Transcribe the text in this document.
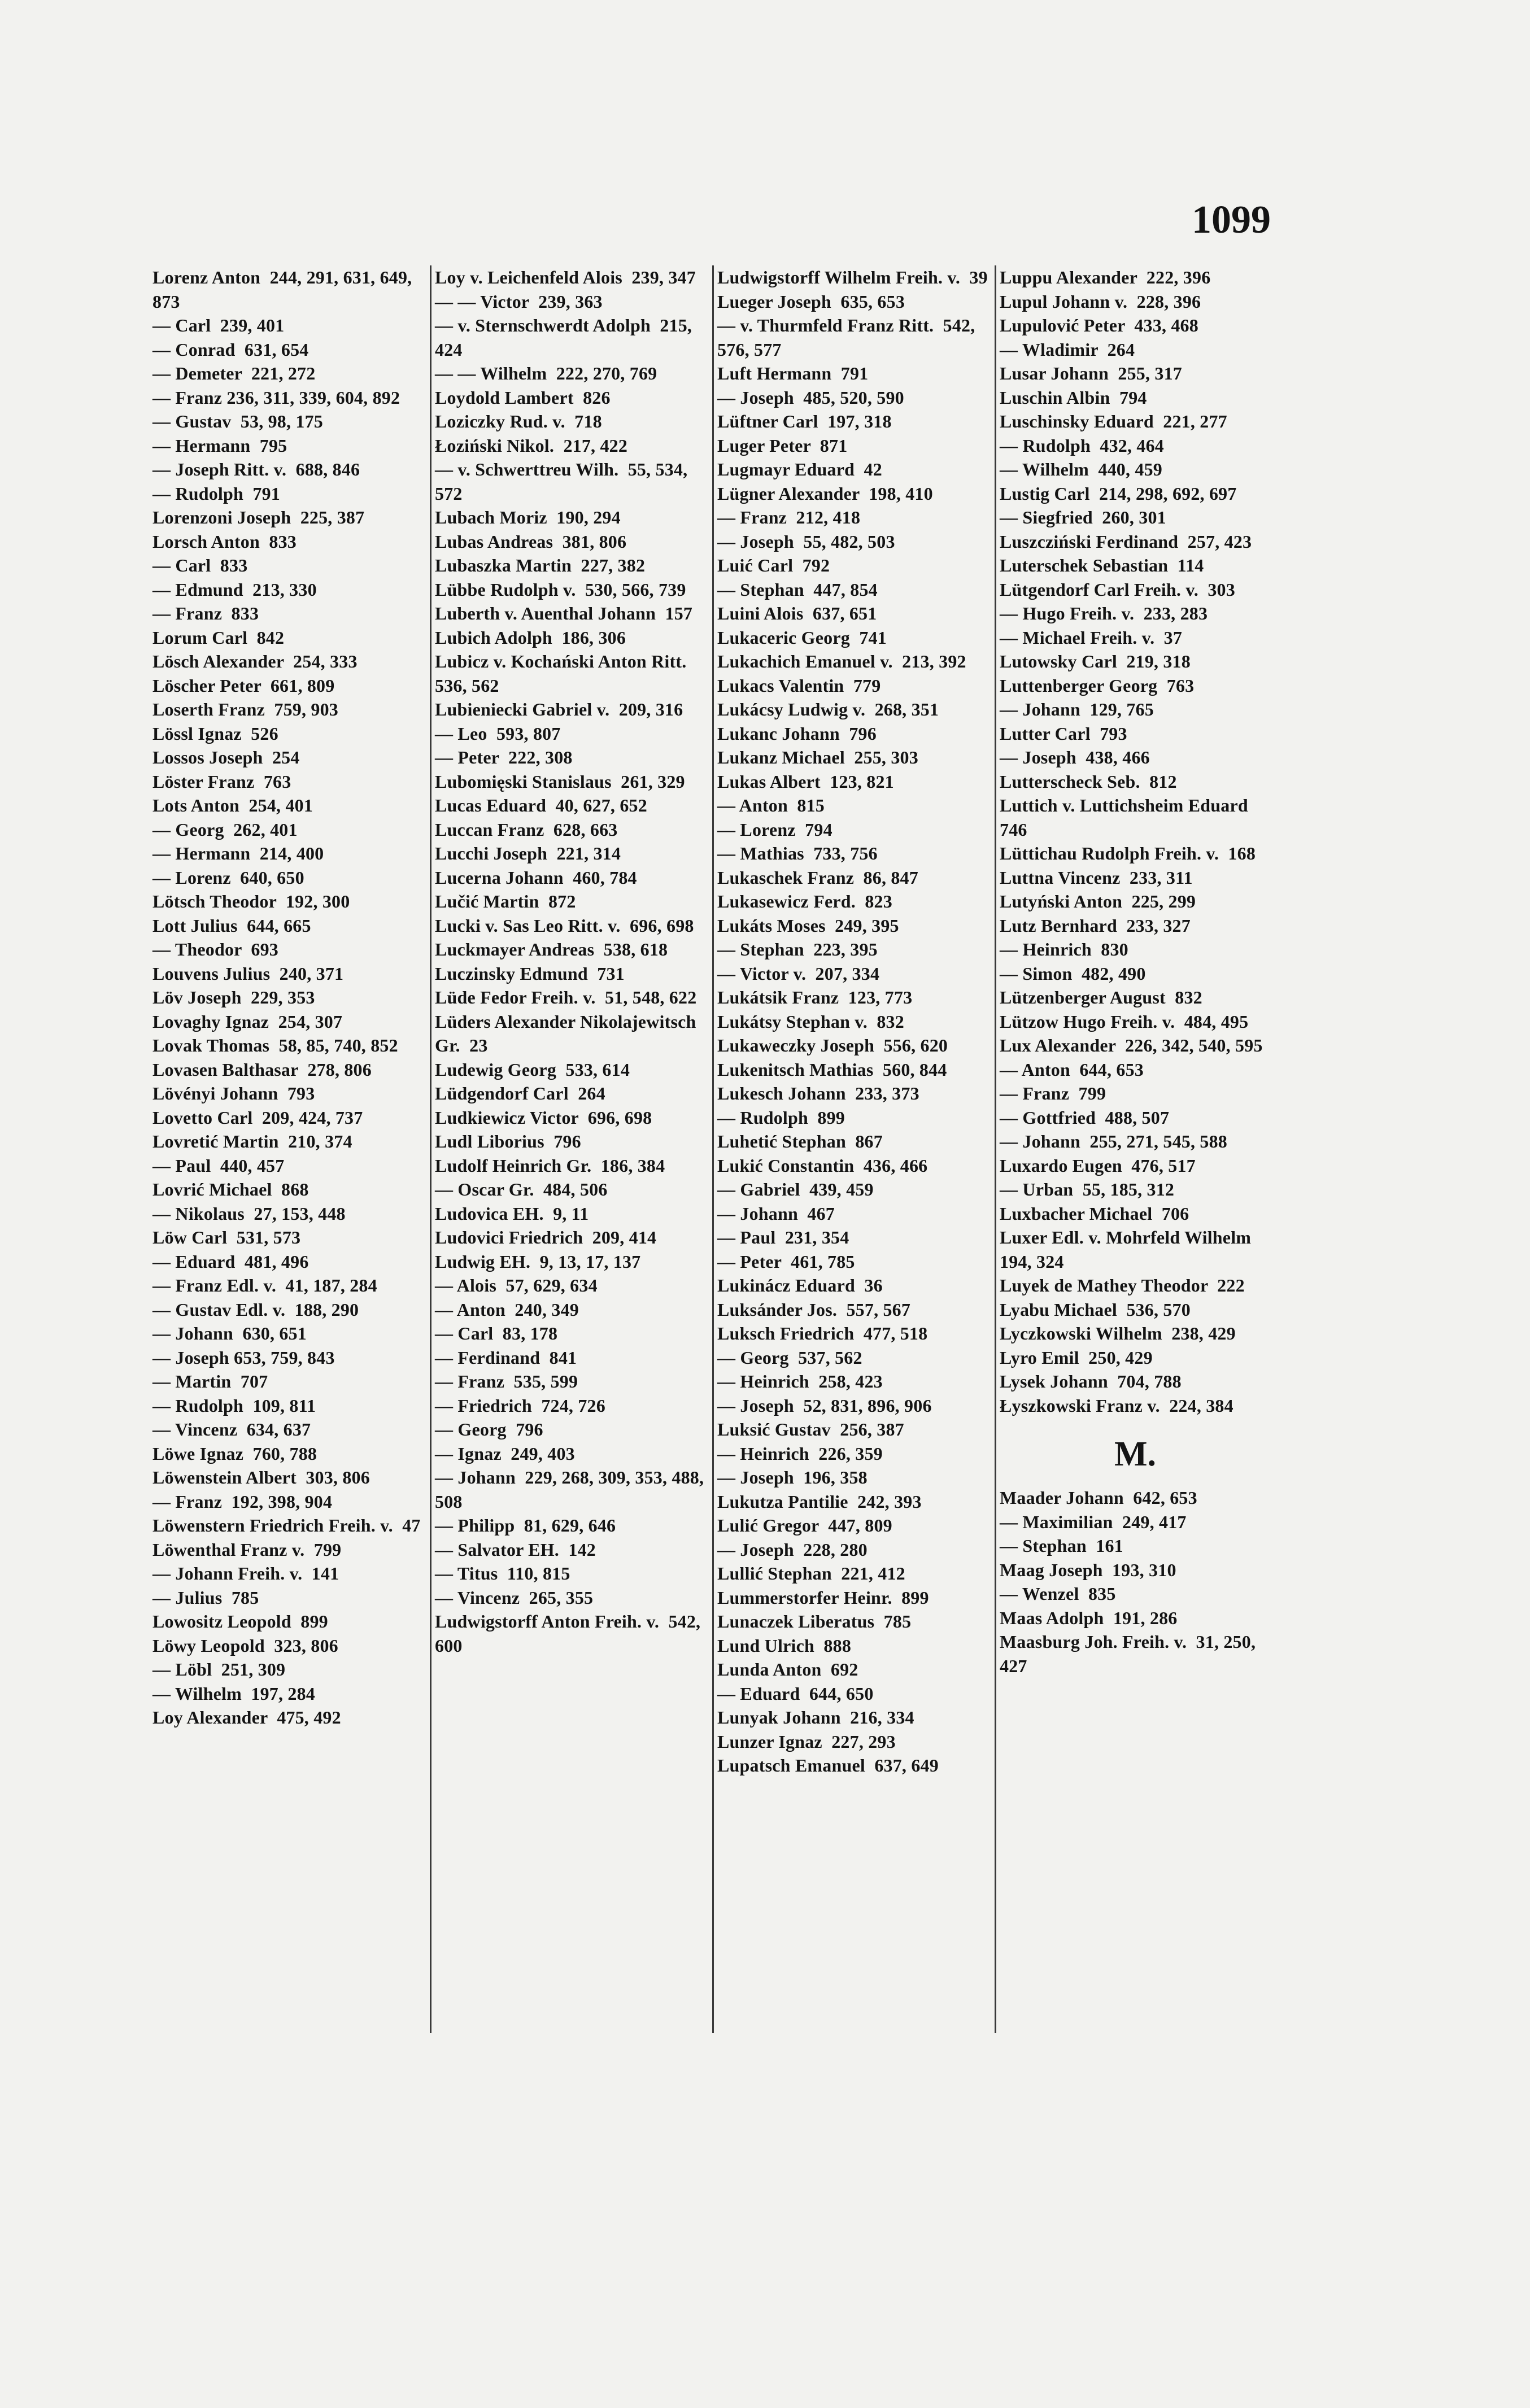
1099
Lorenz Anton  244, 291, 631, 649, 873
— Carl  239, 401
— Conrad  631, 654
— Demeter  221, 272
— Franz 236, 311, 339, 604, 892
— Gustav  53, 98, 175
— Hermann  795
— Joseph Ritt. v.  688, 846
— Rudolph  791
Lorenzoni Joseph  225, 387
Lorsch Anton  833
— Carl  833
— Edmund  213, 330
— Franz  833
Lorum Carl  842
Lösch Alexander  254, 333
Löscher Peter  661, 809
Loserth Franz  759, 903
Lössl Ignaz  526
Lossos Joseph  254
Löster Franz  763
Lots Anton  254, 401
— Georg  262, 401
— Hermann  214, 400
— Lorenz  640, 650
Lötsch Theodor  192, 300
Lott Julius  644, 665
— Theodor  693
Louvens Julius  240, 371
Löv Joseph  229, 353
Lovaghy Ignaz  254, 307
Lovak Thomas  58, 85, 740, 852
Lovasen Balthasar  278, 806
Lövényi Johann  793
Lovetto Carl  209, 424, 737
Lovretić Martin  210, 374
— Paul  440, 457
Lovrić Michael  868
— Nikolaus  27, 153, 448
Löw Carl  531, 573
— Eduard  481, 496
— Franz Edl. v.  41, 187, 284
— Gustav Edl. v.  188, 290
— Johann  630, 651
— Joseph 653, 759, 843
— Martin  707
— Rudolph  109, 811
— Vincenz  634, 637
Löwe Ignaz  760, 788
Löwenstein Albert  303, 806
— Franz  192, 398, 904
Löwenstern Friedrich Freih. v.  47
Löwenthal Franz v.  799
— Johann Freih. v.  141
— Julius  785
Lowositz Leopold  899
Löwy Leopold  323, 806
— Löbl  251, 309
— Wilhelm  197, 284
Loy Alexander  475, 492
Loy v. Leichenfeld Alois  239, 347
— — Victor  239, 363
— v. Sternschwerdt Adolph  215, 424
— — Wilhelm  222, 270, 769
Loydold Lambert  826
Loziczky Rud. v.  718
Łoziński Nikol.  217, 422
— v. Schwerttreu Wilh.  55, 534, 572
Lubach Moriz  190, 294
Lubas Andreas  381, 806
Lubaszka Martin  227, 382
Lübbe Rudolph v.  530, 566, 739
Luberth v. Auenthal Johann  157
Lubich Adolph  186, 306
Lubicz v. Kochański Anton Ritt.  536, 562
Lubieniecki Gabriel v.  209, 316
— Leo  593, 807
— Peter  222, 308
Lubomięski Stanislaus  261, 329
Lucas Eduard  40, 627, 652
Luccan Franz  628, 663
Lucchi Joseph  221, 314
Lucerna Johann  460, 784
Lučić Martin  872
Lucki v. Sas Leo Ritt. v.  696, 698
Luckmayer Andreas  538, 618
Luczinsky Edmund  731
Lüde Fedor Freih. v.  51, 548, 622
Lüders Alexander Nikolajewitsch Gr.  23
Ludewig Georg  533, 614
Lüdgendorf Carl  264
Ludkiewicz Victor  696, 698
Ludl Liborius  796
Ludolf Heinrich Gr.  186, 384
— Oscar Gr.  484, 506
Ludovica EH.  9, 11
Ludovici Friedrich  209, 414
Ludwig EH.  9, 13, 17, 137
— Alois  57, 629, 634
— Anton  240, 349
— Carl  83, 178
— Ferdinand  841
— Franz  535, 599
— Friedrich  724, 726
— Georg  796
— Ignaz  249, 403
— Johann  229, 268, 309, 353, 488, 508
— Philipp  81, 629, 646
— Salvator EH.  142
— Titus  110, 815
— Vincenz  265, 355
Ludwigstorff Anton Freih. v.  542, 600
Ludwigstorff Wilhelm Freih. v.  39
Lueger Joseph  635, 653
— v. Thurmfeld Franz Ritt.  542, 576, 577
Luft Hermann  791
— Joseph  485, 520, 590
Lüftner Carl  197, 318
Luger Peter  871
Lugmayr Eduard  42
Lügner Alexander  198, 410
— Franz  212, 418
— Joseph  55, 482, 503
Luić Carl  792
— Stephan  447, 854
Luini Alois  637, 651
Lukaceric Georg  741
Lukachich Emanuel v.  213, 392
Lukacs Valentin  779
Lukácsy Ludwig v.  268, 351
Lukanc Johann  796
Lukanz Michael  255, 303
Lukas Albert  123, 821
— Anton  815
— Lorenz  794
— Mathias  733, 756
Lukaschek Franz  86, 847
Lukasewicz Ferd.  823
Lukáts Moses  249, 395
— Stephan  223, 395
— Victor v.  207, 334
Lukátsik Franz  123, 773
Lukátsy Stephan v.  832
Lukaweczky Joseph  556, 620
Lukenitsch Mathias  560, 844
Lukesch Johann  233, 373
— Rudolph  899
Luhetić Stephan  867
Lukić Constantin  436, 466
— Gabriel  439, 459
— Johann  467
— Paul  231, 354
— Peter  461, 785
Lukinácz Eduard  36
Luksánder Jos.  557, 567
Luksch Friedrich  477, 518
— Georg  537, 562
— Heinrich  258, 423
— Joseph  52, 831, 896, 906
Luksić Gustav  256, 387
— Heinrich  226, 359
— Joseph  196, 358
Lukutza Pantilie  242, 393
Lulić Gregor  447, 809
— Joseph  228, 280
Lullić Stephan  221, 412
Lummerstorfer Heinr.  899
Lunaczek Liberatus  785
Lund Ulrich  888
Lunda Anton  692
— Eduard  644, 650
Lunyak Johann  216, 334
Lunzer Ignaz  227, 293
Lupatsch Emanuel  637, 649
Luppu Alexander  222, 396
Lupul Johann v.  228, 396
Lupulović Peter  433, 468
— Wladimir  264
Lusar Johann  255, 317
Luschin Albin  794
Luschinsky Eduard  221, 277
— Rudolph  432, 464
— Wilhelm  440, 459
Lustig Carl  214, 298, 692, 697
— Siegfried  260, 301
Luszcziński Ferdinand  257, 423
Luterschek Sebastian  114
Lütgendorf Carl Freih. v.  303
— Hugo Freih. v.  233, 283
— Michael Freih. v.  37
Lutowsky Carl  219, 318
Luttenberger Georg  763
— Johann  129, 765
Lutter Carl  793
— Joseph  438, 466
Lutterscheck Seb.  812
Luttich v. Luttichsheim Eduard  746
Lüttichau Rudolph Freih. v.  168
Luttna Vincenz  233, 311
Lutyński Anton  225, 299
Lutz Bernhard  233, 327
— Heinrich  830
— Simon  482, 490
Lützenberger August  832
Lützow Hugo Freih. v.  484, 495
Lux Alexander  226, 342, 540, 595
— Anton  644, 653
— Franz  799
— Gottfried  488, 507
— Johann  255, 271, 545, 588
Luxardo Eugen  476, 517
— Urban  55, 185, 312
Luxbacher Michael  706
Luxer Edl. v. Mohrfeld Wilhelm  194, 324
Luyek de Mathey Theodor  222
Lyabu Michael  536, 570
Lyczkowski Wilhelm  238, 429
Lyro Emil  250, 429
Lysek Johann  704, 788
Łyszkowski Franz v.  224, 384
M.
Maader Johann  642, 653
— Maximilian  249, 417
— Stephan  161
Maag Joseph  193, 310
— Wenzel  835
Maas Adolph  191, 286
Maasburg Joh. Freih. v.  31, 250, 427
